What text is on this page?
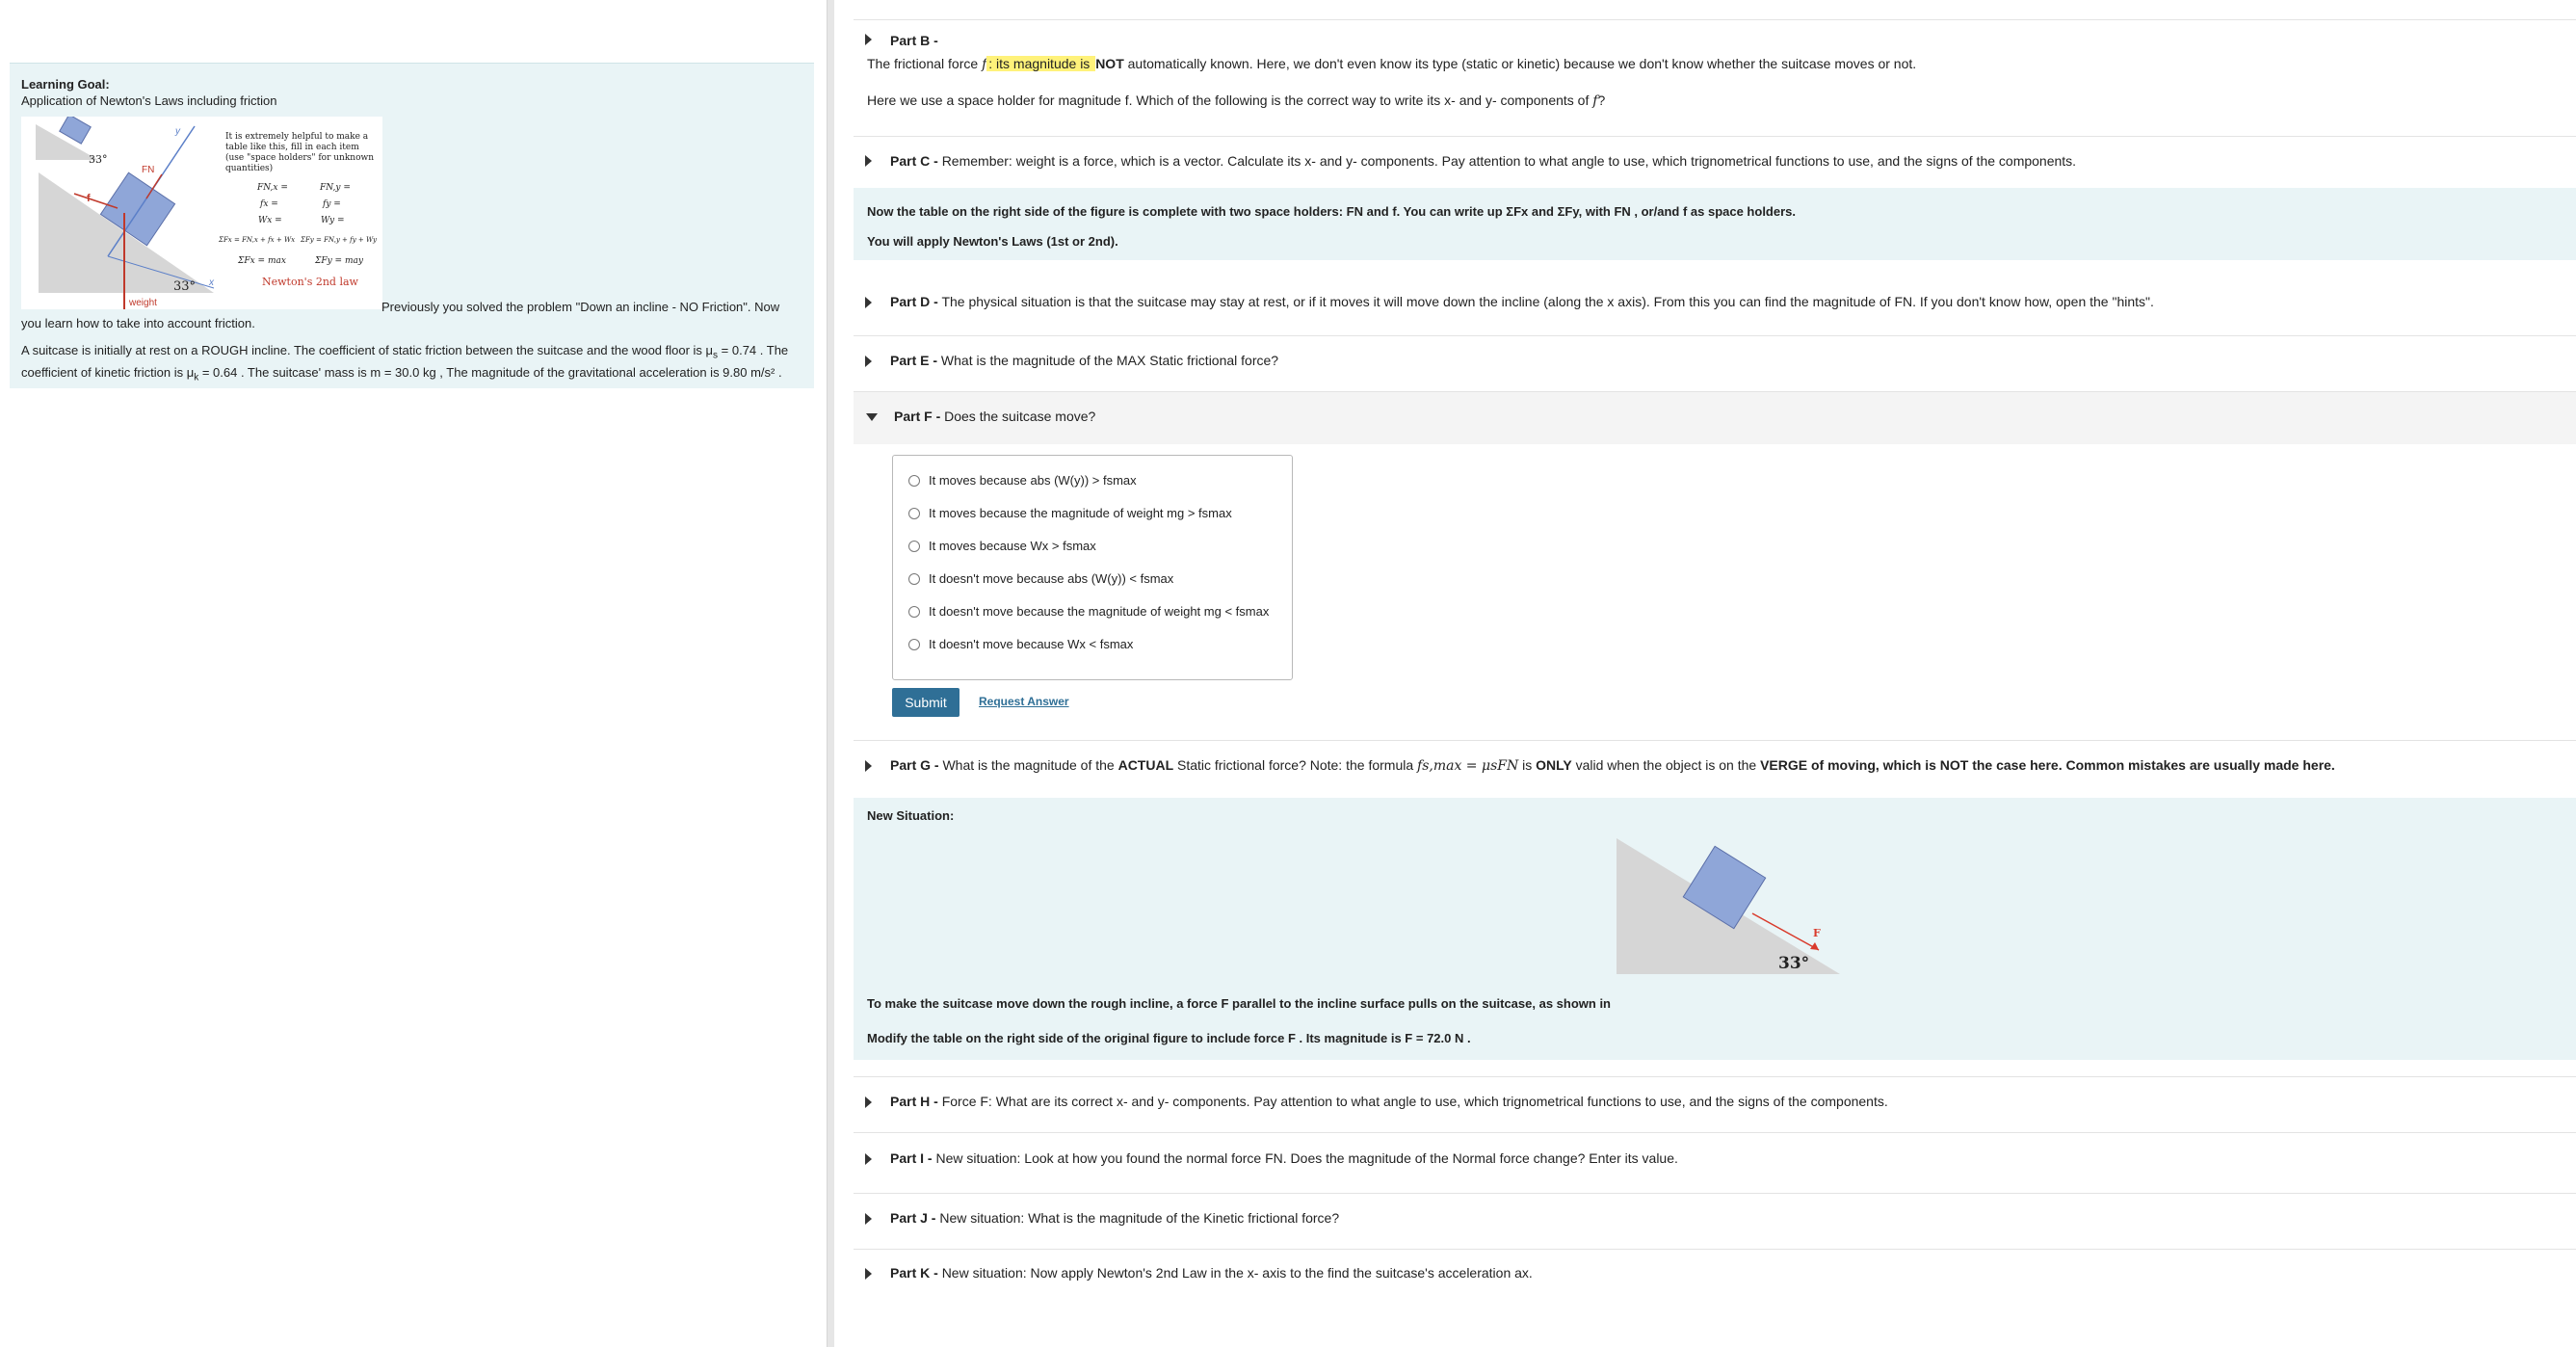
Learning Goal:
Application of Newton's Laws including friction
33°
y
x
FN
f
weight
33°
It is extremely helpful to make a
table like this, fill in each item
(use "space holders" for unknown
quantities)
FN,x =	FN,y =
fx =	fy =
Wx =	Wy =
ΣFx = FN,x + fx + Wx ΣFy = FN,y + fy + Wy
ΣFx = max	ΣFy = may
Newton's 2nd law
Previously you solved the problem "Down an incline - NO Friction". Now
you learn how to take into account friction.
A suitcase is initially at rest on a ROUGH incline. The coefficient of static friction between the suitcase and the wood floor is $\mu_s = 0.74$ . The
coefficient of kinetic friction is $\mu_k = 0.64$ . The suitcase' mass is m = 30.0 kg , The magnitude of the gravitational acceleration is 9.80 m/s² .
Part B -
The frictional force f : its magnitude is NOT automatically known. Here, we don't even know its type (static or kinetic) because we don't know whether the suitcase moves or not.
Here we use a space holder for magnitude f. Which of the following is the correct way to write its x- and y- components of f?
Part C - Remember: weight is a force, which is a vector. Calculate its x- and y- components. Pay attention to what angle to use, which trignometrical functions to use, and the signs of the components.
Now the table on the right side of the figure is complete with two space holders: FN and f. You can write up ΣFx and ΣFy, with FN , or/and f as space holders.
You will apply Newton's Laws (1st or 2nd).
Part D - The physical situation is that the suitcase may stay at rest, or if it moves it will move down the incline (along the x axis). From this you can find the magnitude of FN. If you don't know how, open the "hints".
Part E - What is the magnitude of the MAX Static frictional force?
Part F - Does the suitcase move?
Part G - What is the magnitude of the ACTUAL Static frictional force? Note: the formula fs,max = μsFN is ONLY valid when the object is on the VERGE of moving, which is NOT the case here. Common mistakes are usually made here.
New Situation:
F
33°
To make the suitcase move down the rough incline, a force F parallel to the incline surface pulls on the suitcase, as shown in
Modify the table on the right side of the original figure to include force F . Its magnitude is F = 72.0 N .
Part H - Force F: What are its correct x- and y- components. Pay attention to what angle to use, which trignometrical functions to use, and the signs of the components.
Part I - New situation: Look at how you found the normal force FN. Does the magnitude of the Normal force change? Enter its value.
Part J - New situation: What is the magnitude of the Kinetic frictional force?
Part K - New situation: Now apply Newton's 2nd Law in the x- axis to the find the suitcase's acceleration ax.
It moves because abs (W(y)) > fsmax
It moves because the magnitude of weight mg > fsmax
It moves because Wx > fsmax
It doesn't move because abs (W(y)) < fsmax
It doesn't move because the magnitude of weight mg < fsmax
It doesn't move because Wx < fsmax
Submit	Request Answer
